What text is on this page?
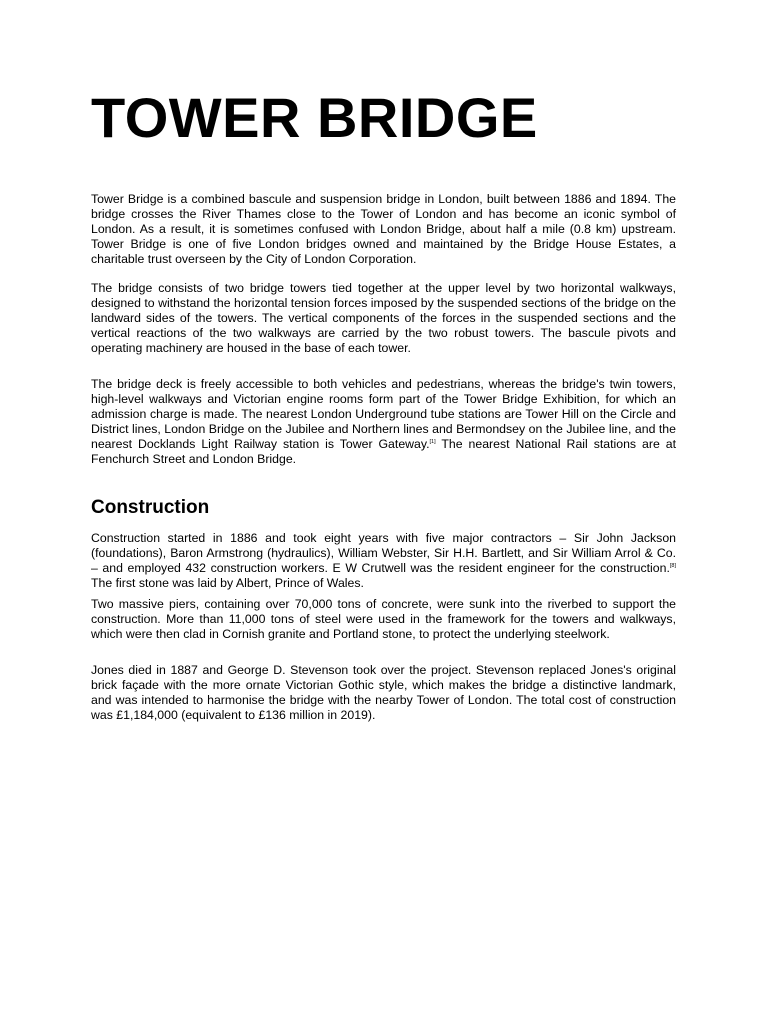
TOWER BRIDGE

Tower Bridge is a combined bascule and suspension bridge in London, built between 1886 and 1894. The bridge crosses the River Thames close to the Tower of London and has become an iconic symbol of London. As a result, it is sometimes confused with London Bridge, about half a mile (0.8 km) upstream. Tower Bridge is one of five London bridges owned and maintained by the Bridge House Estates, a charitable trust overseen by the City of London Corporation.

The bridge consists of two bridge towers tied together at the upper level by two horizontal walkways, designed to withstand the horizontal tension forces imposed by the suspended sections of the bridge on the landward sides of the towers. The vertical components of the forces in the suspended sections and the vertical reactions of the two walkways are carried by the two robust towers. The bascule pivots and operating machinery are housed in the base of each tower.

The bridge deck is freely accessible to both vehicles and pedestrians, whereas the bridge's twin towers, high-level walkways and Victorian engine rooms form part of the Tower Bridge Exhibition, for which an admission charge is made. The nearest London Underground tube stations are Tower Hill on the Circle and District lines, London Bridge on the Jubilee and Northern lines and Bermondsey on the Jubilee line, and the nearest Docklands Light Railway station is Tower Gateway.[1] The nearest National Rail stations are at Fenchurch Street and London Bridge.

Construction

Construction started in 1886 and took eight years with five major contractors – Sir John Jackson (foundations), Baron Armstrong (hydraulics), William Webster, Sir H.H. Bartlett, and Sir William Arrol & Co. – and employed 432 construction workers. E W Crutwell was the resident engineer for the construction.[8] The first stone was laid by Albert, Prince of Wales.

Two massive piers, containing over 70,000 tons of concrete, were sunk into the riverbed to support the construction. More than 11,000 tons of steel were used in the framework for the towers and walkways, which were then clad in Cornish granite and Portland stone, to protect the underlying steelwork.

Jones died in 1887 and George D. Stevenson took over the project. Stevenson replaced Jones's original brick façade with the more ornate Victorian Gothic style, which makes the bridge a distinctive landmark, and was intended to harmonise the bridge with the nearby Tower of London. The total cost of construction was £1,184,000 (equivalent to £136 million in 2019).
